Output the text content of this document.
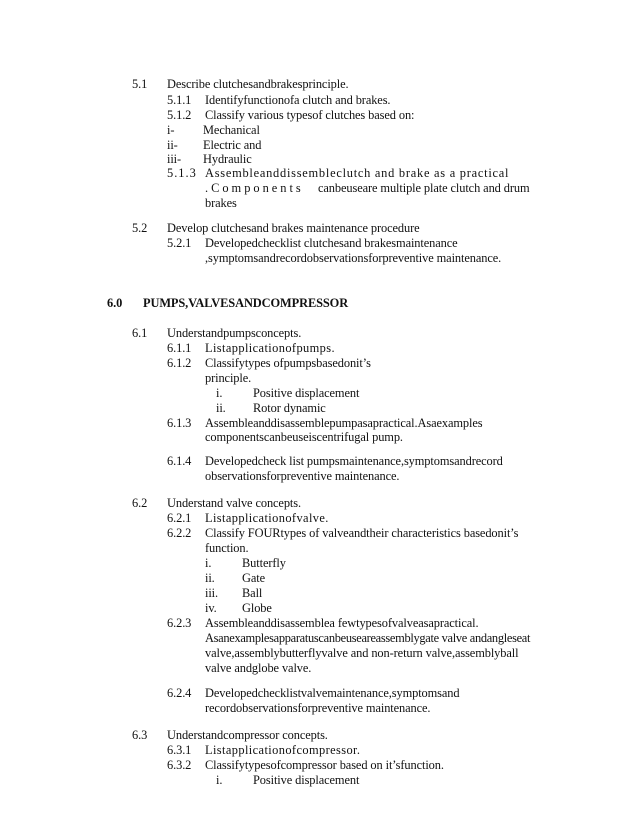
5.1 Describe clutchesandbrakesprinciple.
5.1.1 Identifyfunctionofa clutch and brakes.
5.1.2 Classify various typesof clutches based on:
i- Mechanical
ii- Electric and
iii- Hydraulic
5.1.3 Assembleanddissembleclutch and brake as a practical
.Components canbeuseare multiple plate clutch and drum
brakes
5.2 Develop clutchesand brakes maintenance procedure
5.2.1 Developedchecklist clutchesand brakesmaintenance
,symptomsandrecordobservationsforpreventive maintenance.
6.0 PUMPS,VALVESANDCOMPRESSOR
6.1 Understandpumpsconcepts.
6.1.1 Listapplicationofpumps.
6.1.2 Classifytypes ofpumpsbasedonit’s
principle.
i. Positive displacement
ii. Rotor dynamic
6.1.3 Assembleanddisassemblepumpasapractical.Asaexamples
componentscanbeuseiscentrifugal pump.
6.1.4 Developedcheck list pumpsmaintenance,symptomsandrecord
observationsforpreventive maintenance.
6.2 Understand valve concepts.
6.2.1 Listapplicationofvalve.
6.2.2 Classify FOURtypes of valveandtheir characteristics basedonit’s
function.
i. Butterfly
ii. Gate
iii. Ball
iv. Globe
6.2.3 Assembleanddisassemblea fewtypesofvalveasapractical.
Asanexamplesapparatuscanbeuseareassemblygate valve andangleseat
valve,assemblybutterflyvalve and non-return valve,assemblyball
valve andglobe valve.
6.2.4 Developedchecklistvalvemaintenance,symptomsand
recordobservationsforpreventive maintenance.
6.3 Understandcompressor concepts.
6.3.1 Listapplicationofcompressor.
6.3.2 Classifytypesofcompressor based on it’sfunction.
i. Positive displacement
